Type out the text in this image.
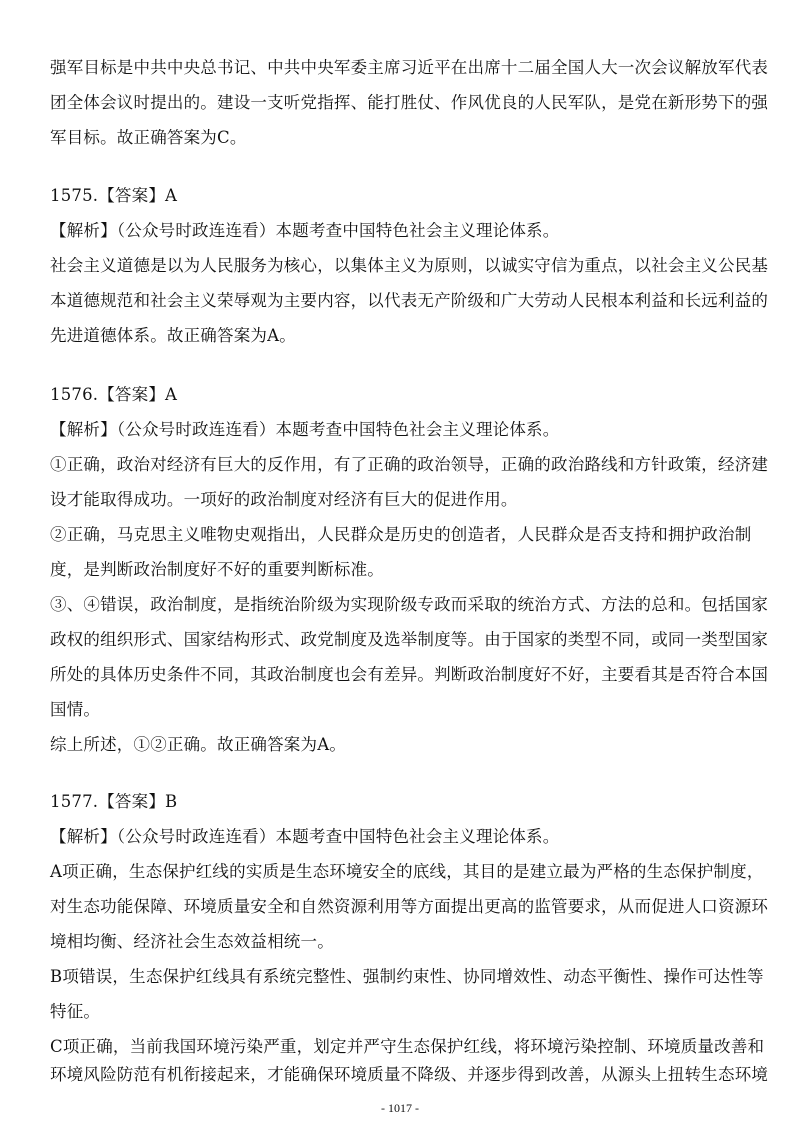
强军目标是中共中央总书记、中共中央军委主席习近平在出席十二届全国人大一次会议解放军代表
团全体会议时提出的。建设一支听党指挥、能打胜仗、作风优良的人民军队，是党在新形势下的强
军目标。故正确答案为C。
1575.【答案】A
【解析】（公众号时政连连看）本题考查中国特色社会主义理论体系。
社会主义道德是以为人民服务为核心，以集体主义为原则，以诚实守信为重点，以社会主义公民基
本道德规范和社会主义荣辱观为主要内容，以代表无产阶级和广大劳动人民根本利益和长远利益的
先进道德体系。故正确答案为A。
1576.【答案】A
【解析】（公众号时政连连看）本题考查中国特色社会主义理论体系。
①正确，政治对经济有巨大的反作用，有了正确的政治领导，正确的政治路线和方针政策，经济建
设才能取得成功。一项好的政治制度对经济有巨大的促进作用。
②正确，马克思主义唯物史观指出，人民群众是历史的创造者，人民群众是否支持和拥护政治制
度，是判断政治制度好不好的重要判断标准。
③、④错误，政治制度，是指统治阶级为实现阶级专政而采取的统治方式、方法的总和。包括国家
政权的组织形式、国家结构形式、政党制度及选举制度等。由于国家的类型不同，或同一类型国家
所处的具体历史条件不同，其政治制度也会有差异。判断政治制度好不好，主要看其是否符合本国
国情。
综上所述，①②正确。故正确答案为A。
1577.【答案】B
【解析】（公众号时政连连看）本题考查中国特色社会主义理论体系。
A项正确，生态保护红线的实质是生态环境安全的底线，其目的是建立最为严格的生态保护制度，
对生态功能保障、环境质量安全和自然资源利用等方面提出更高的监管要求，从而促进人口资源环
境相均衡、经济社会生态效益相统一。
B项错误，生态保护红线具有系统完整性、强制约束性、协同增效性、动态平衡性、操作可达性等
特征。
C项正确，当前我国环境污染严重，划定并严守生态保护红线，将环境污染控制、环境质量改善和
环境风险防范有机衔接起来，才能确保环境质量不降级、并逐步得到改善，从源头上扭转生态环境
- 1017 -
